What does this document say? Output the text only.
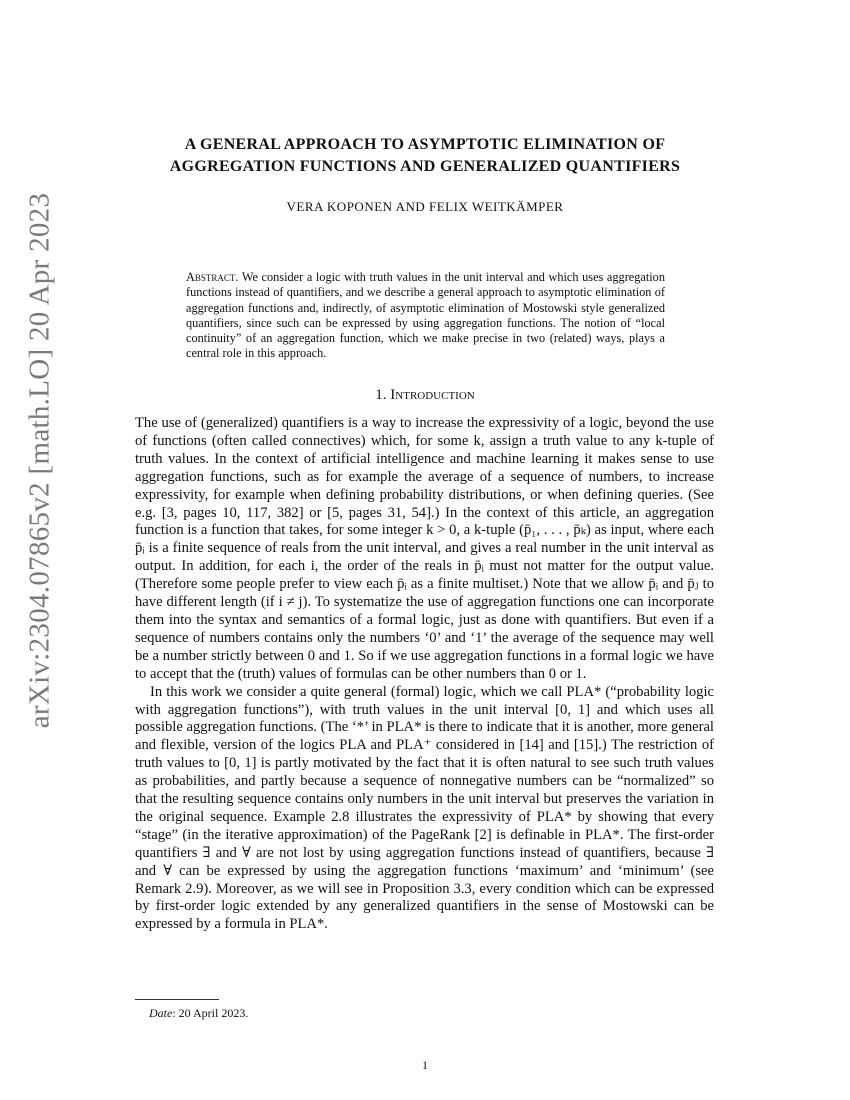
arXiv:2304.07865v2 [math.LO] 20 Apr 2023
A GENERAL APPROACH TO ASYMPTOTIC ELIMINATION OF
AGGREGATION FUNCTIONS AND GENERALIZED QUANTIFIERS
VERA KOPONEN AND FELIX WEITKÄMPER
Abstract. We consider a logic with truth values in the unit interval and which uses aggregation functions instead of quantifiers, and we describe a general approach to asymptotic elimination of aggregation functions and, indirectly, of asymptotic elimination of Mostowski style generalized quantifiers, since such can be expressed by using aggregation functions. The notion of “local continuity” of an aggregation function, which we make precise in two (related) ways, plays a central role in this approach.
1. Introduction

The use of (generalized) quantifiers is a way to increase the expressivity of a logic, beyond the use of functions (often called connectives) which, for some k, assign a truth value to any k-tuple of truth values. In the context of artificial intelligence and machine learning it makes sense to use aggregation functions, such as for example the average of a sequence of numbers, to increase expressivity, for example when defining probability distributions, or when defining queries. (See e.g. [3, pages 10, 117, 382] or [5, pages 31, 54].) In the context of this article, an aggregation function is a function that takes, for some integer k > 0, a k-tuple (p̄₁, . . . , p̄ₖ) as input, where each p̄ᵢ is a finite sequence of reals from the unit interval, and gives a real number in the unit interval as output. In addition, for each i, the order of the reals in p̄ᵢ must not matter for the output value. (Therefore some people prefer to view each p̄ᵢ as a finite multiset.) Note that we allow p̄ᵢ and p̄ⱼ to have different length (if i ≠ j). To systematize the use of aggregation functions one can incorporate them into the syntax and semantics of a formal logic, just as done with quantifiers. But even if a sequence of numbers contains only the numbers ‘0’ and ‘1’ the average of the sequence may well be a number strictly between 0 and 1. So if we use aggregation functions in a formal logic we have to accept that the (truth) values of formulas can be other numbers than 0 or 1.

In this work we consider a quite general (formal) logic, which we call PLA* (“probability logic with aggregation functions”), with truth values in the unit interval [0, 1] and which uses all possible aggregation functions. (The ‘*’ in PLA* is there to indicate that it is another, more general and flexible, version of the logics PLA and PLA⁺ considered in [14] and [15].) The restriction of truth values to [0, 1] is partly motivated by the fact that it is often natural to see such truth values as probabilities, and partly because a sequence of nonnegative numbers can be “normalized” so that the resulting sequence contains only numbers in the unit interval but preserves the variation in the original sequence. Example 2.8 illustrates the expressivity of PLA* by showing that every “stage” (in the iterative approximation) of the PageRank [2] is definable in PLA*. The first-order quantifiers ∃ and ∀ are not lost by using aggregation functions instead of quantifiers, because ∃ and ∀ can be expressed by using the aggregation functions ‘maximum’ and ‘minimum’ (see Remark 2.9). Moreover, as we will see in Proposition 3.3, every condition which can be expressed by first-order logic extended by any generalized quantifiers in the sense of Mostowski can be expressed by a formula in PLA*.

Date: 20 April 2023.
1
